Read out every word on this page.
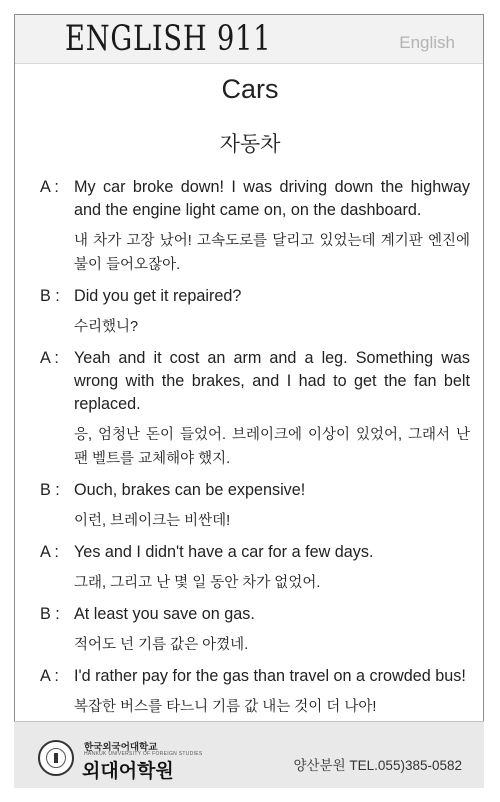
ENGLISH 911	English
Cars
자동차
A : My car broke down! I was driving down the highway and the engine light came on, on the dashboard.
내 차가 고장 났어! 고속도로를 달리고 있었는데 계기판 엔진에 불이 들어오잖아.
B : Did you get it repaired?
수리했니?
A : Yeah and it cost an arm and a leg. Something was wrong with the brakes, and I had to get the fan belt replaced.
응, 엄청난 돈이 들었어. 브레이크에 이상이 있었어, 그래서 난 팬 벨트를 교체해야 했지.
B : Ouch, brakes can be expensive!
이런, 브레이크는 비싼데!
A : Yes and I didn't have a car for a few days.
그래, 그리고 난 몇 일 동안 차가 없었어.
B : At least you save on gas.
적어도 넌 기름 값은 아꼈네.
A : I'd rather pay for the gas than travel on a crowded bus!
복잡한 버스를 타느니 기름 값 내는 것이 더 나아!
한국외국어대학교
HANKUK UNIVERSITY OF FOREIGN STUDIES
외대어학원	양산분원 TEL.055)385-0582
